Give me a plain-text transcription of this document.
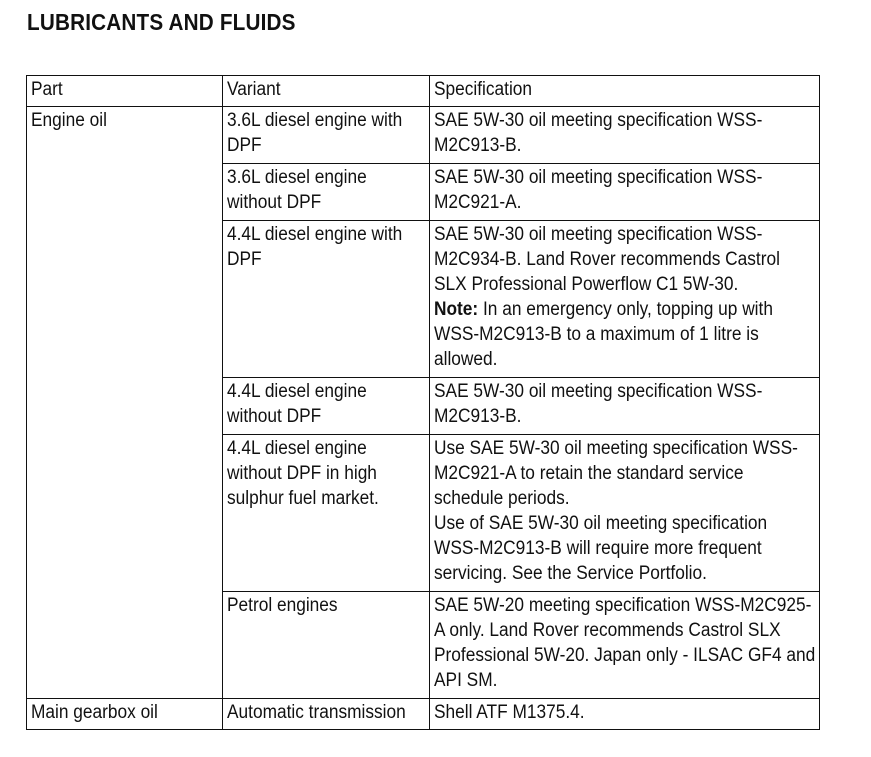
LUBRICANTS AND FLUIDS
Part	Variant	Specification

Engine oil	3.6L diesel engine with DPF	SAE 5W-30 oil meeting specification WSS-M2C913-B.

	3.6L diesel engine without DPF	SAE 5W-30 oil meeting specification WSS-M2C921-A.

	4.4L diesel engine with DPF	SAE 5W-30 oil meeting specification WSS-M2C934-B. Land Rover recommends Castrol SLX Professional Powerflow C1 5W-30.
Note: In an emergency only, topping up with WSS-M2C913-B to a maximum of 1 litre is allowed.

	4.4L diesel engine without DPF	SAE 5W-30 oil meeting specification WSS-M2C913-B.

	4.4L diesel engine without DPF in high sulphur fuel market.	Use SAE 5W-30 oil meeting specification WSS-M2C921-A to retain the standard service schedule periods.
Use of SAE 5W-30 oil meeting specification WSS-M2C913-B will require more frequent servicing. See the Service Portfolio.

	Petrol engines	SAE 5W-20 meeting specification WSS-M2C925-A only. Land Rover recommends Castrol SLX Professional 5W-20. Japan only - ILSAC GF4 and API SM.

Main gearbox oil	Automatic transmission	Shell ATF M1375.4.
